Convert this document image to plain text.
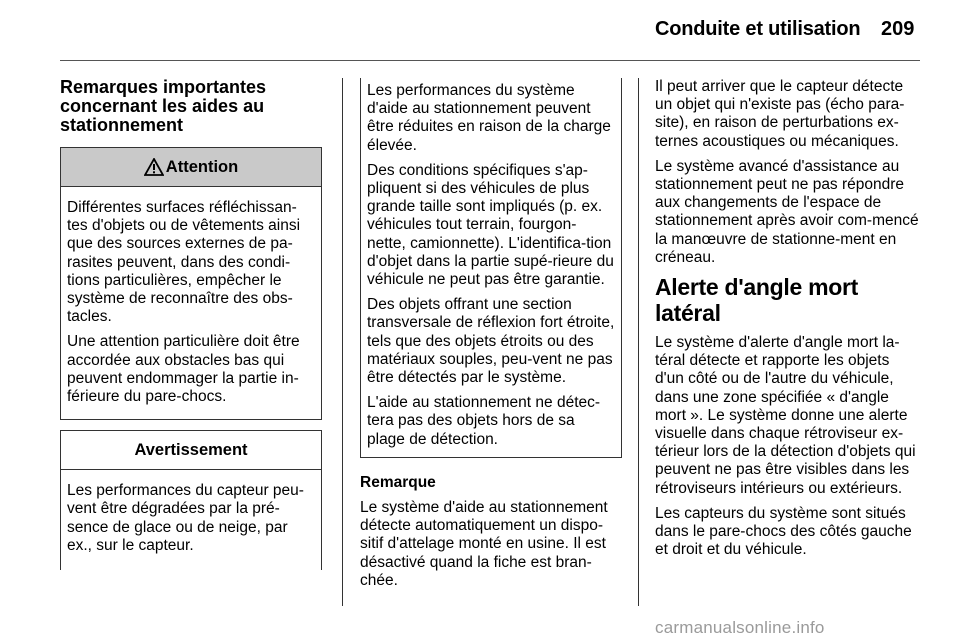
Conduite et utilisation 209
Remarques importantes concernant les aides au stationnement
Attention

Différentes surfaces réfléchissan-tes d'objets ou de vêtements ainsi que des sources externes de pa-rasites peuvent, dans des condi-tions particulières, empêcher le système de reconnaître des obs-tacles.

Une attention particulière doit être accordée aux obstacles bas qui peuvent endommager la partie in-férieure du pare-chocs.

Avertissement

Les performances du capteur peu-vent être dégradées par la pré-sence de glace ou de neige, par ex., sur le capteur.

Les performances du système d'aide au stationnement peuvent être réduites en raison de la charge élevée.

Des conditions spécifiques s'ap-pliquent si des véhicules de plus grande taille sont impliqués (p. ex. véhicules tout terrain, fourgon-nette, camionnette). L'identifica-tion d'objet dans la partie supé-rieure du véhicule ne peut pas être garantie.

Des objets offrant une section transversale de réflexion fort étroite, tels que des objets étroits ou des matériaux souples, peu-vent ne pas être détectés par le système.

L'aide au stationnement ne détec-tera pas des objets hors de sa plage de détection.

Remarque

Le système d'aide au stationnement détecte automatiquement un dispo-sitif d'attelage monté en usine. Il est désactivé quand la fiche est bran-chée.

Il peut arriver que le capteur détecte un objet qui n'existe pas (écho para-site), en raison de perturbations ex-ternes acoustiques ou mécaniques.

Le système avancé d'assistance au stationnement peut ne pas répondre aux changements de l'espace de stationnement après avoir com-mencé la manœuvre de stationne-ment en créneau.

Alerte d'angle mort latéral

Le système d'alerte d'angle mort la-téral détecte et rapporte les objets d'un côté ou de l'autre du véhicule, dans une zone spécifiée « d'angle mort ». Le système donne une alerte visuelle dans chaque rétroviseur ex-térieur lors de la détection d'objets qui peuvent ne pas être visibles dans les rétroviseurs intérieurs ou extérieurs.

Les capteurs du système sont situés dans le pare-chocs des côtés gauche et droit et du véhicule.

carmanualsonline.info
